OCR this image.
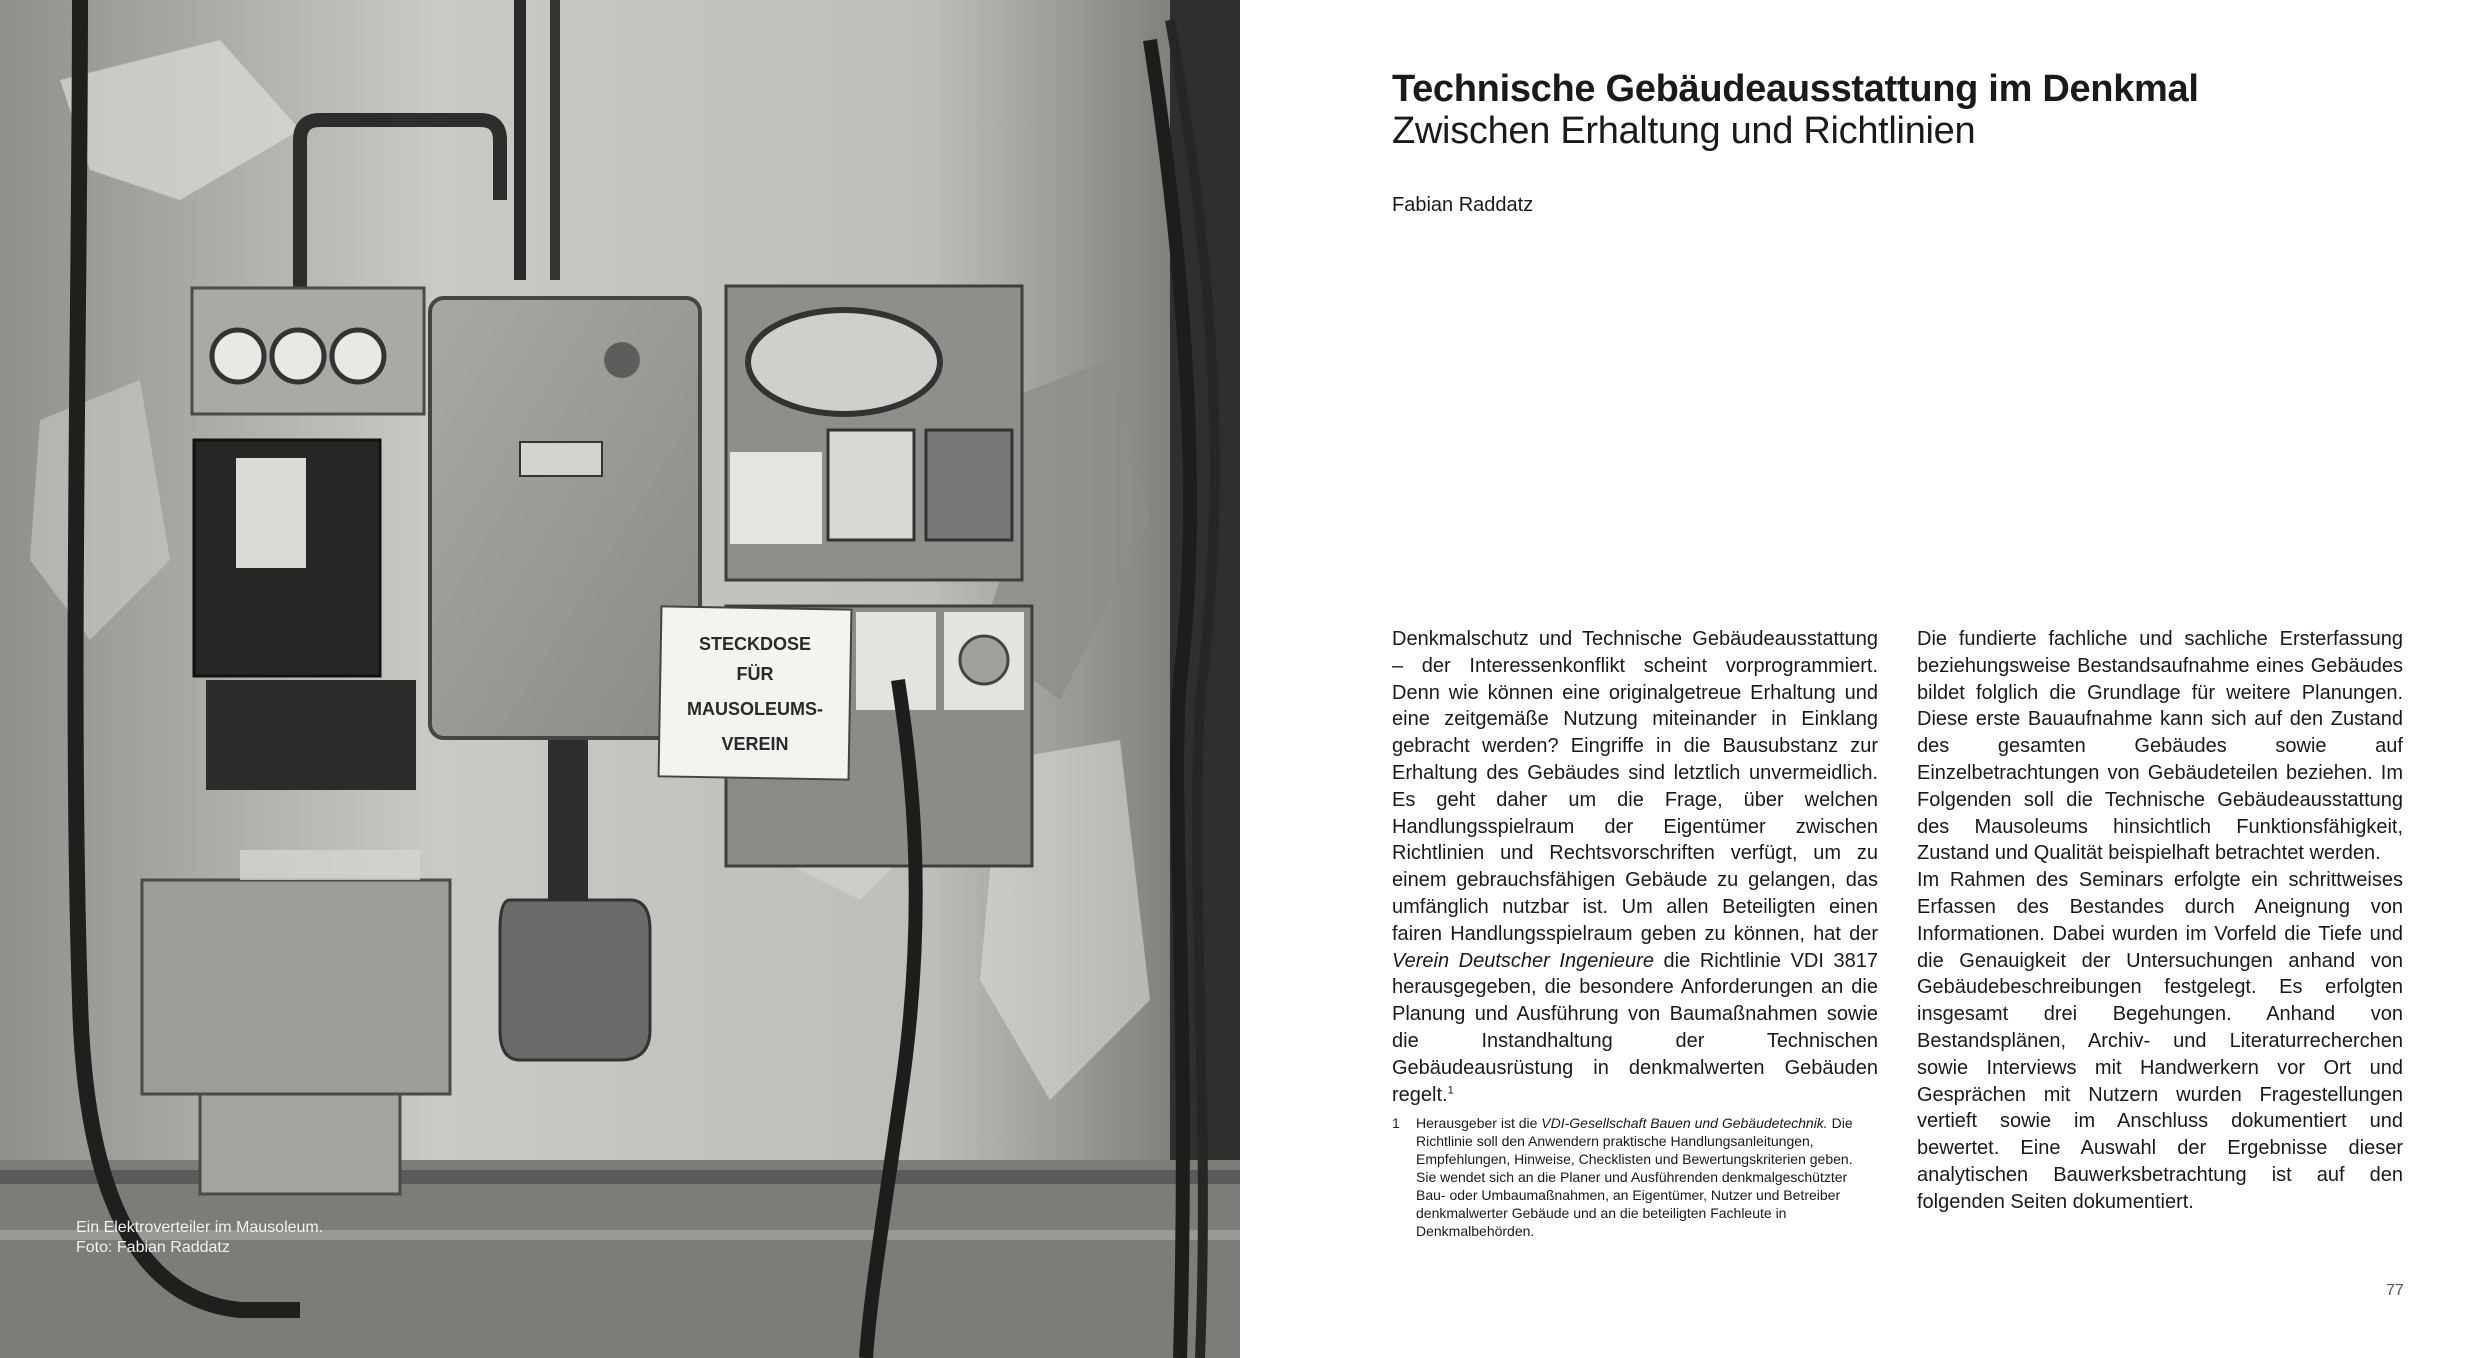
STECKDOSE
FÜR
MAUSOLEUMS-
VEREIN
Ein Elektroverteiler im Mausoleum.
Foto: Fabian Raddatz
Technische Gebäudeausstattung im Denkmal
Zwischen Erhaltung und Richtlinien
Fabian Raddatz

Denkmalschutz und Technische Gebäudeausstattung – der Interessenkonflikt scheint vorprogrammiert. Denn wie können eine originalgetreue Erhaltung und eine zeitgemäße Nutzung miteinander in Einklang gebracht werden? Eingriffe in die Bausubstanz zur Erhaltung des Gebäudes sind letztlich unvermeidlich. Es geht daher um die Frage, über welchen Handlungsspielraum der Eigentümer zwischen Richtlinien und Rechtsvorschriften verfügt, um zu einem gebrauchsfähigen Gebäude zu gelangen, das umfänglich nutzbar ist. Um allen Beteiligten einen fairen Handlungsspielraum geben zu können, hat der Verein Deutscher Ingenieure die Richtlinie VDI 3817 herausgegeben, die besondere Anforderungen an die Planung und Ausführung von Baumaßnahmen sowie die Instandhaltung der Technischen Gebäudeausrüstung in denkmalwerten Gebäuden regelt.$^1$

1	Herausgeber ist die VDI-Gesellschaft Bauen und Gebäudetechnik. Die Richtlinie soll den Anwendern praktische Handlungsanleitungen, Empfehlungen, Hinweise, Checklisten und Bewertungskriterien geben. Sie wendet sich an die Planer und Ausführenden denkmalgeschützter Bau- oder Umbaumaßnahmen, an Eigentümer, Nutzer und Betreiber denkmalwerter Gebäude und an die beteiligten Fachleute in Denkmalbehörden.

Die fundierte fachliche und sachliche Ersterfassung beziehungsweise Bestandsaufnahme eines Gebäudes bildet folglich die Grundlage für weitere Planungen. Diese erste Bauaufnahme kann sich auf den Zustand des gesamten Gebäudes sowie auf Einzelbetrachtungen von Gebäudeteilen beziehen. Im Folgenden soll die Technische Gebäudeausstattung des Mausoleums hinsichtlich Funktionsfähigkeit, Zustand und Qualität beispielhaft betrachtet werden.

Im Rahmen des Seminars erfolgte ein schrittweises Erfassen des Bestandes durch Aneignung von Informationen. Dabei wurden im Vorfeld die Tiefe und die Genauigkeit der Untersuchungen anhand von Gebäudebeschreibungen festgelegt. Es erfolgten insgesamt drei Begehungen. Anhand von Bestandsplänen, Archiv- und Literaturrecherchen sowie Interviews mit Handwerkern vor Ort und Gesprächen mit Nutzern wurden Fragestellungen vertieft sowie im Anschluss dokumentiert und bewertet. Eine Auswahl der Ergebnisse dieser analytischen Bauwerksbetrachtung ist auf den folgenden Seiten dokumentiert.

77
